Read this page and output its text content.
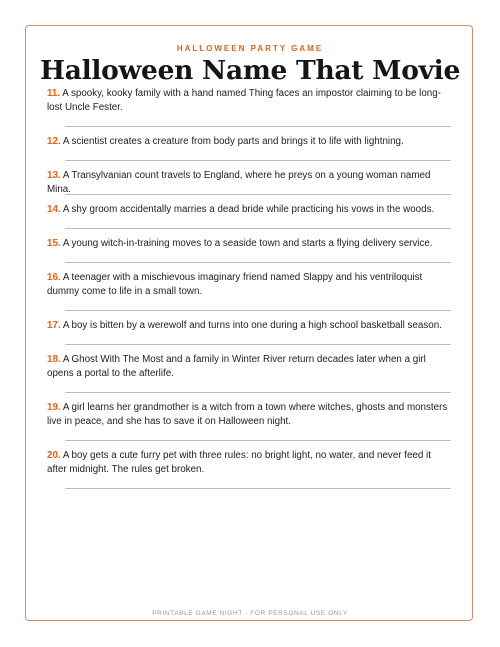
HALLOWEEN PARTY GAME
Halloween Name That Movie
11. A spooky, kooky family with a hand named Thing faces an impostor claiming to be long-lost Uncle Fester.
12. A scientist creates a creature from body parts and brings it to life with lightning.
13. A Transylvanian count travels to England, where he preys on a young woman named Mina.
14. A shy groom accidentally marries a dead bride while practicing his vows in the woods.
15. A young witch-in-training moves to a seaside town and starts a flying delivery service.
16. A teenager with a mischievous imaginary friend named Slappy and his ventriloquist dummy come to life in a small town.
17. A boy is bitten by a werewolf and turns into one during a high school basketball season.
18. A Ghost With The Most and a family in Winter River return decades later when a girl opens a portal to the afterlife.
19. A girl learns her grandmother is a witch from a town where witches, ghosts and monsters live in peace, and she has to save it on Halloween night.
20. A boy gets a cute furry pet with three rules: no bright light, no water, and never feed it after midnight. The rules get broken.
PRINTABLE GAME NIGHT · FOR PERSONAL USE ONLY
